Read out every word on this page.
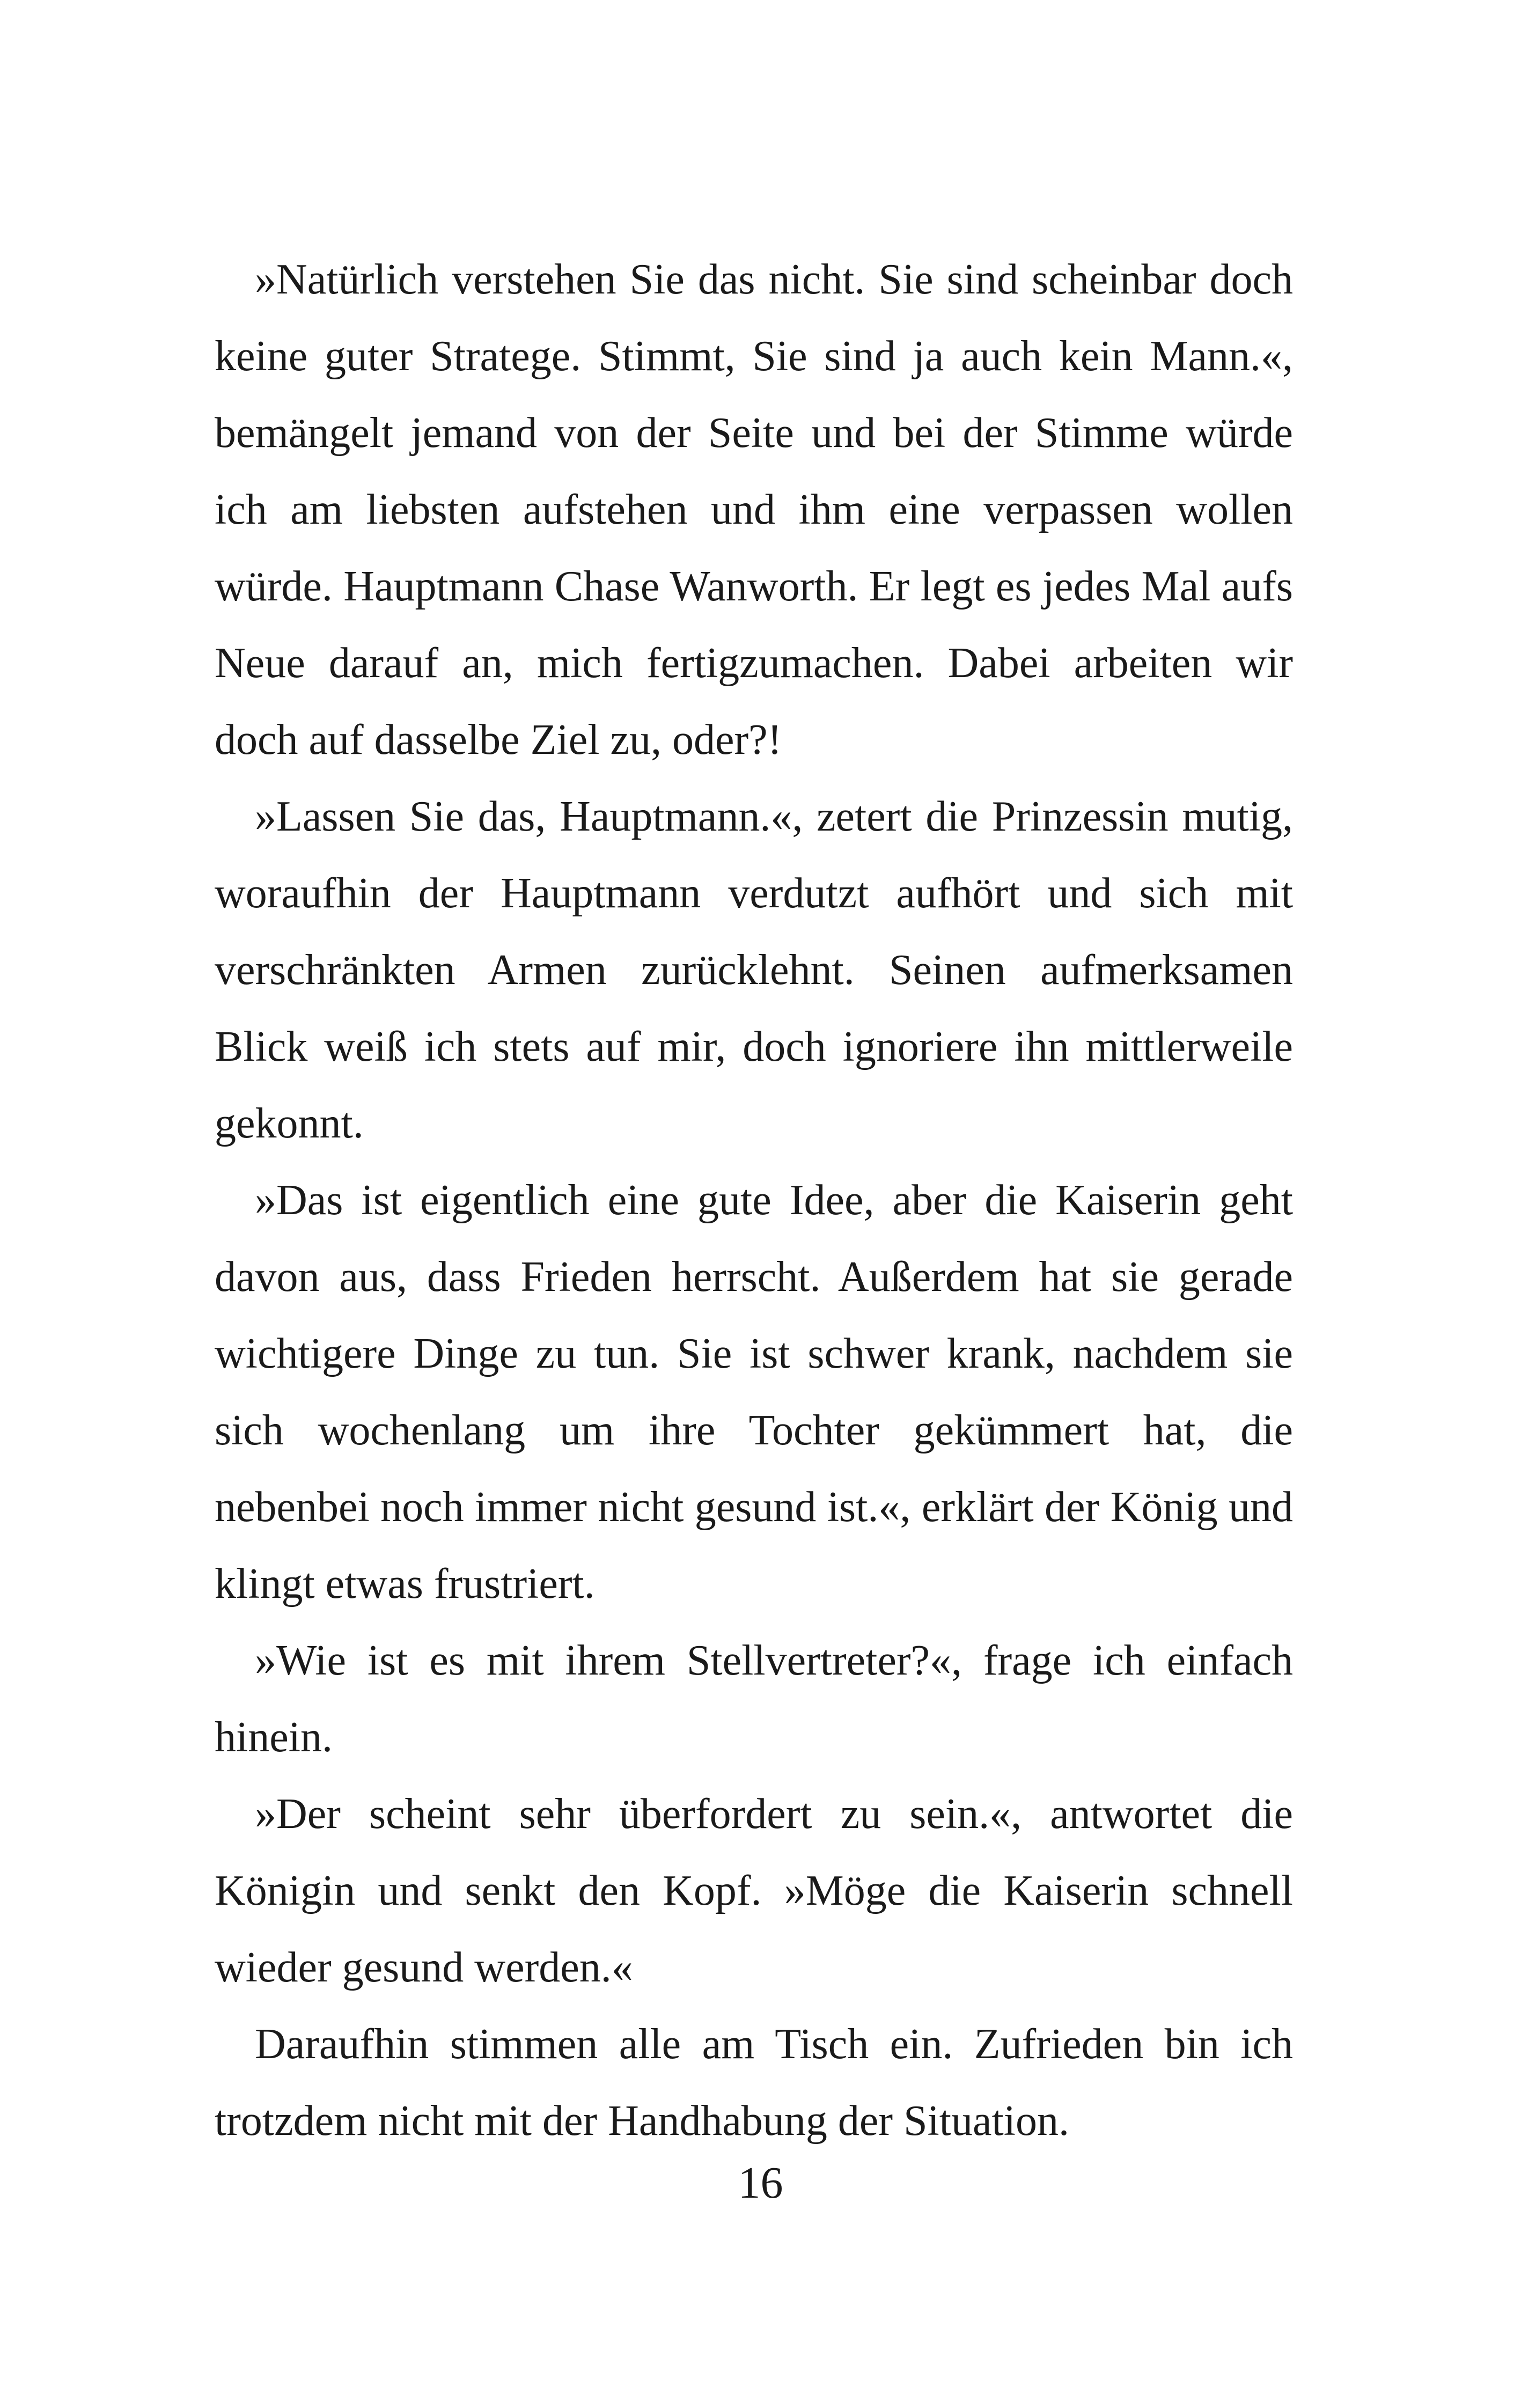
»Natürlich verstehen Sie das nicht. Sie sind scheinbar doch keine guter Stratege. Stimmt, Sie sind ja auch kein Mann.«, bemängelt jemand von der Seite und bei der Stimme würde ich am liebsten aufstehen und ihm eine verpassen wollen würde. Hauptmann Chase Wanworth. Er legt es jedes Mal aufs Neue darauf an, mich fertigzumachen. Dabei arbeiten wir doch auf dasselbe Ziel zu, oder?!

»Lassen Sie das, Hauptmann.«, zetert die Prinzessin mutig, woraufhin der Hauptmann verdutzt aufhört und sich mit verschränkten Armen zurücklehnt. Seinen aufmerksamen Blick weiß ich stets auf mir, doch ignoriere ihn mittlerweile gekonnt.

»Das ist eigentlich eine gute Idee, aber die Kaiserin geht davon aus, dass Frieden herrscht. Außerdem hat sie gerade wichtigere Dinge zu tun. Sie ist schwer krank, nachdem sie sich wochenlang um ihre Tochter gekümmert hat, die nebenbei noch immer nicht gesund ist.«, erklärt der König und klingt etwas frustriert.

»Wie ist es mit ihrem Stellvertreter?«, frage ich einfach hinein.

»Der scheint sehr überfordert zu sein.«, antwortet die Königin und senkt den Kopf. »Möge die Kaiserin schnell wieder gesund werden.«

Daraufhin stimmen alle am Tisch ein. Zufrieden bin ich trotzdem nicht mit der Handhabung der Situation.

16
